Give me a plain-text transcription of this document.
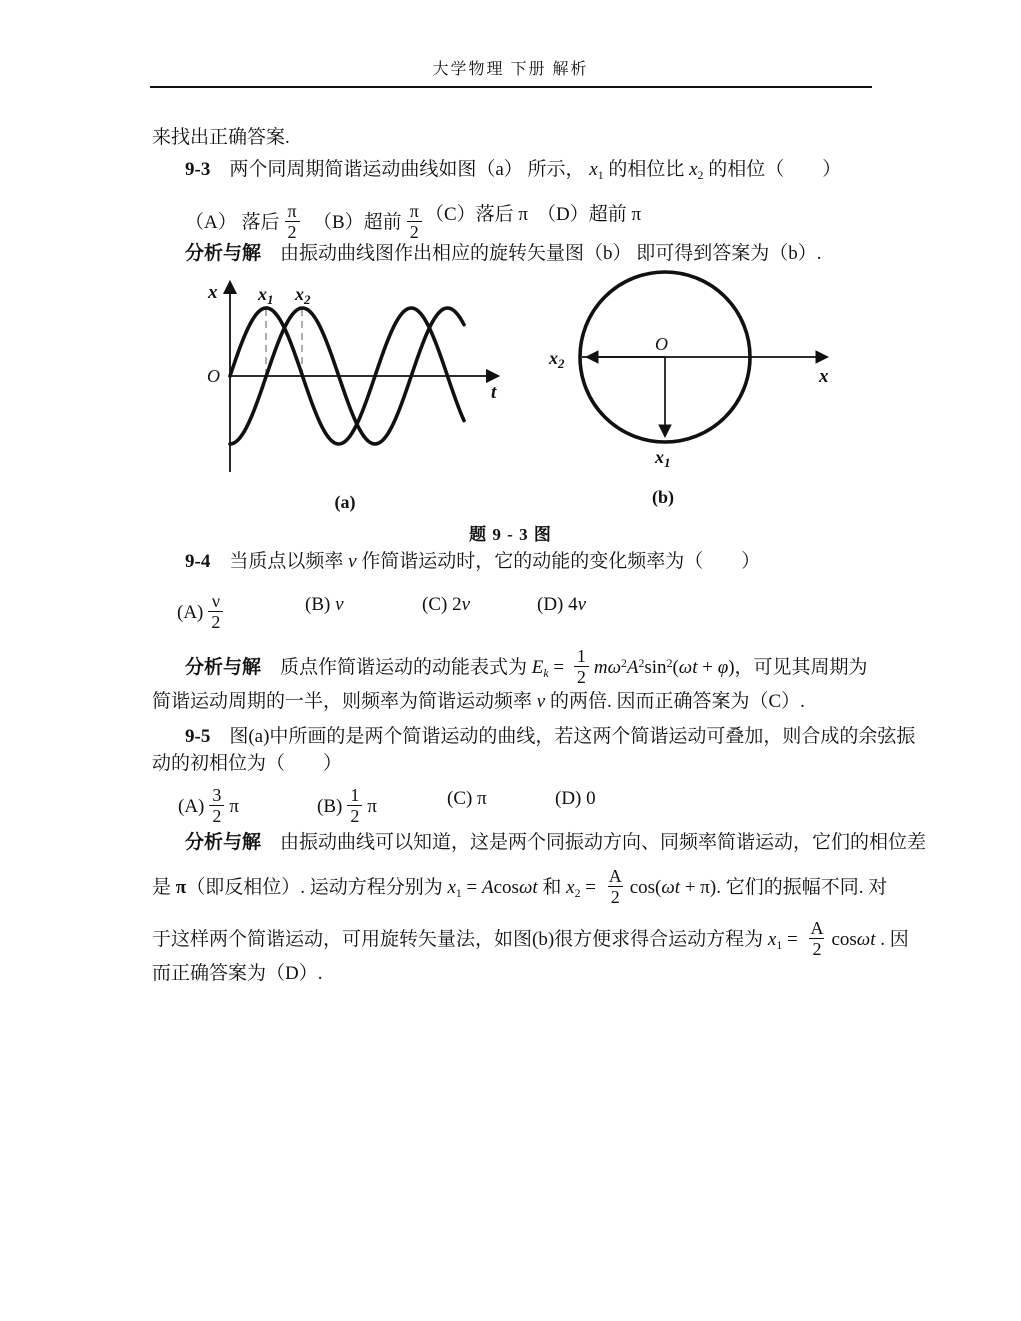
大学物理 下册 解析
来找出正确答案.
9-3　两个同周期简谐运动曲线如图（a） 所示， $x_1$ 的相位比 $x_2$ 的相位（　　）
（A） 落后 $\frac{\pi}{2} (B)$超前 $\frac{\pi}{2} (C)$落后 π （D）超前 π
分析与解　由振动曲线图作出相应的旋转矢量图（b） 即可得到答案为（b）.
x
O
t
$x_1$ $x_2$
(a)
O
x
$x_2$
$x_1$
(b)
题 9 - 3 图
9-4　当质点以频率 ν 作简谐运动时，它的动能的变化频率为（　　）
$(A) \frac{\nu}{2}$	(B) ν	(C) 2ν	(D) 4ν
分析与解　质点作简谐运动的动能表式为 $E_k = \frac{1}{2} m\omega^2A^2\sin^2(\omega t + \varphi)$，可见其周期为
简谐运动周期的一半，则频率为简谐运动频率 ν 的两倍. 因而正确答案为（C）.
9-5　图(a)中所画的是两个简谐运动的曲线，若这两个简谐运动可叠加，则合成的余弦振
动的初相位为（　　）
$(A) \frac{3}{2}$ π	$(B) \frac{1}{2}$ π	(C) π	(D) 0
分析与解　由振动曲线可以知道，这是两个同振动方向、同频率简谐运动，它们的相位差
是 π（即反相位）. 运动方程分别为 $x_1 = Acos\omega t$ 和 $x_2 = \frac{A}{2} \cos(\omega t + \pi)$. 它们的振幅不同. 对
于这样两个简谐运动，可用旋转矢量法，如图(b)很方便求得合运动方程为 $x_1 = \frac{A}{2}$ cosωt . 因
而正确答案为（D）.
